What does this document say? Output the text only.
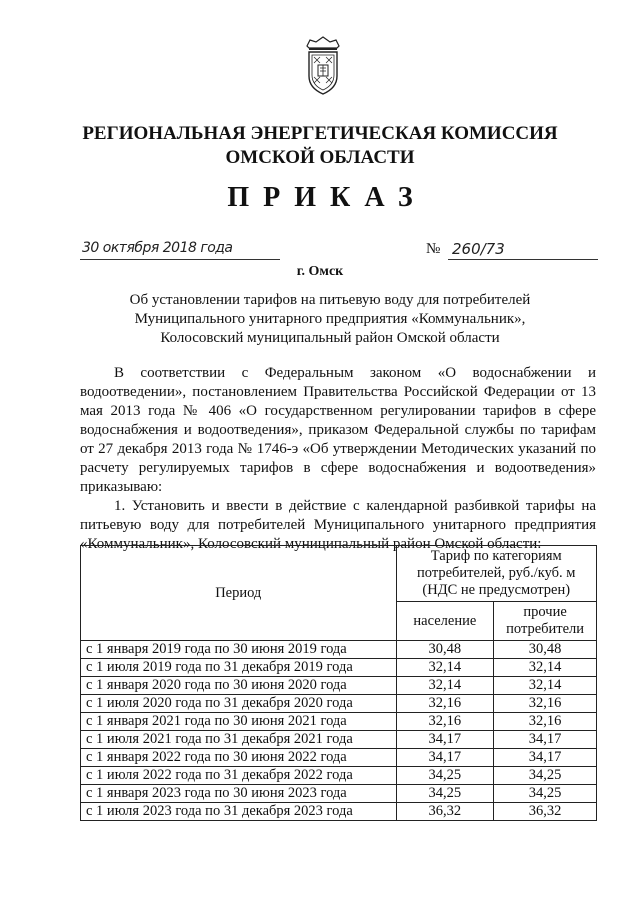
РЕГИОНАЛЬНАЯ ЭНЕРГЕТИЧЕСКАЯ КОМИССИЯ
ОМСКОЙ ОБЛАСТИ
ПРИКАЗ
30 октября 2018 года	№ 260/73
г. Омск
Об установлении тарифов на питьевую воду для потребителей
Муниципального унитарного предприятия «Коммунальник»,
Колосовский муниципальный район Омской области

В соответствии с Федеральным законом «О водоснабжении и водоотведении», постановлением Правительства Российской Федерации от 13 мая 2013 года № 406 «О государственном регулировании тарифов в сфере водоснабжения и водоотведения», приказом Федеральной службы по тарифам от 27 декабря 2013 года № 1746-э «Об утверждении Методических указаний по расчету регулируемых тарифов в сфере водоснабжения и водоотведения» приказываю:

1. Установить и ввести в действие с календарной разбивкой тарифы на питьевую воду для потребителей Муниципального унитарного предприятия «Коммунальник», Колосовский муниципальный район Омской области:

Период	Тариф по категориям
потребителей, руб./куб. м
(НДС не предусмотрен)	

	население	прочие
потребители

с 1 января 2019 года по 30 июня 2019 года	30,48	30,48
с 1 июля 2019 года по 31 декабря 2019 года	32,14	32,14
с 1 января 2020 года по 30 июня 2020 года	32,14	32,14
с 1 июля 2020 года по 31 декабря 2020 года	32,16	32,16
с 1 января 2021 года по 30 июня 2021 года	32,16	32,16
с 1 июля 2021 года по 31 декабря 2021 года	34,17	34,17
с 1 января 2022 года по 30 июня 2022 года	34,17	34,17
с 1 июля 2022 года по 31 декабря 2022 года	34,25	34,25
с 1 января 2023 года по 30 июня 2023 года	34,25	34,25
с 1 июля 2023 года по 31 декабря 2023 года	36,32	36,32
